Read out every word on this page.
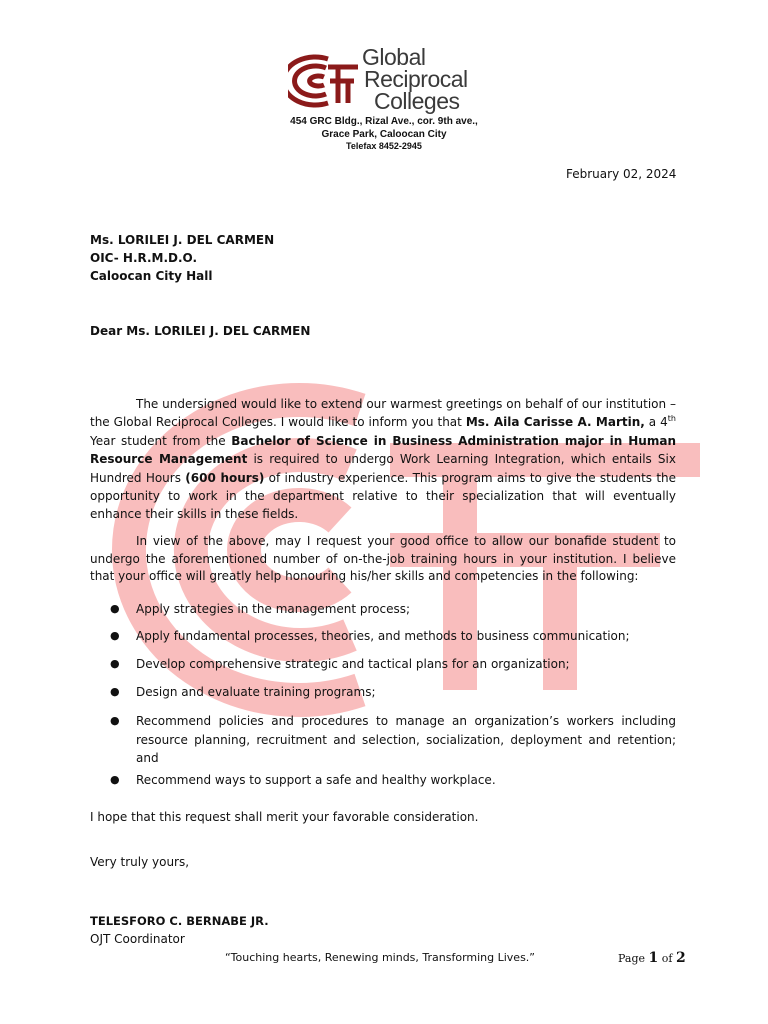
Global
Reciprocal
Colleges
454 GRC Bldg., Rizal Ave., cor. 9th ave.,
Grace Park, Caloocan City
Telefax 8452-2945
February 02, 2024
Ms. LORILEI J. DEL CARMEN
OIC- H.R.M.D.O.
Caloocan City Hall
Dear Ms. LORILEI J. DEL CARMEN

The undersigned would like to extend our warmest greetings on behalf of our institution – the Global Reciprocal Colleges. I would like to inform you that Ms. Aila Carisse A. Martin, a 4th Year student from the Bachelor of Science in Business Administration major in Human Resource Management is required to undergo Work Learning Integration, which entails Six Hundred Hours (600 hours) of industry experience. This program aims to give the students the opportunity to work in the department relative to their specialization that will eventually enhance their skills in these fields.

In view of the above, may I request your good office to allow our bonafide student to undergo the aforementioned number of on-the-job training hours in your institution. I believe that your office will greatly help honouring his/her skills and competencies in the following:

● Apply strategies in the management process;
● Apply fundamental processes, theories, and methods to business communication;
● Develop comprehensive strategic and tactical plans for an organization;
● Design and evaluate training programs;
● Recommend policies and procedures to manage an organization’s workers including resource planning, recruitment and selection, socialization, deployment and retention; and
● Recommend ways to support a safe and healthy workplace.
I hope that this request shall merit your favorable consideration.
Very truly yours,
TELESFORO C. BERNABE JR.
OJT Coordinator
“Touching hearts, Renewing minds, Transforming Lives.”	Page 1 of 2
